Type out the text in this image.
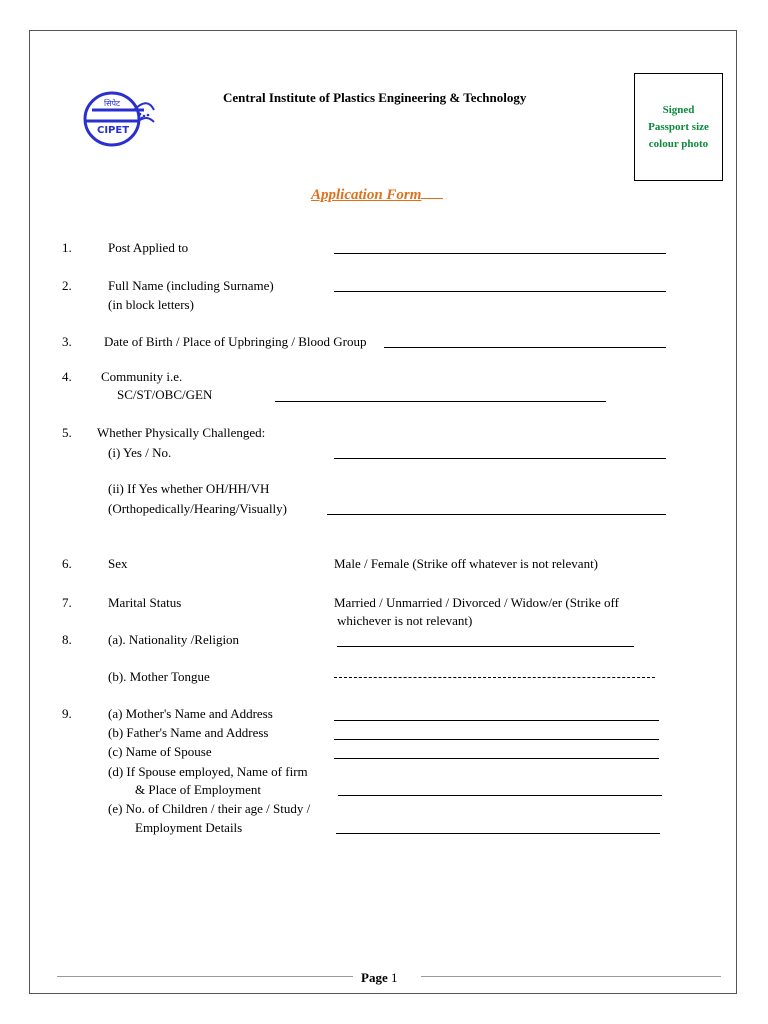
सिपेट
CIPET
Central Institute of Plastics Engineering & Technology
Signed Passport size colour photo
Application Form
1.	Post Applied to
2.	Full Name (including Surname)
(in block letters)
3. Date of Birth / Place of Upbringing / Blood Group
4. Community i.e.
SC/ST/OBC/GEN
5. Whether Physically Challenged:
(i) Yes / No.
(ii) If Yes whether OH/HH/VH
(Orthopedically/Hearing/Visually)
6.	Sex	Male / Female (Strike off whatever is not relevant)
7.	Marital Status	Married / Unmarried / Divorced / Widow/er (Strike off
whichever is not relevant)
8.	(a). Nationality /Religion
(b). Mother Tongue
9.	(a) Mother's Name and Address
(b) Father's Name and Address
(c) Name of Spouse
(d) If Spouse employed, Name of firm
& Place of Employment
(e) No. of Children / their age / Study /
Employment Details
Page 1
